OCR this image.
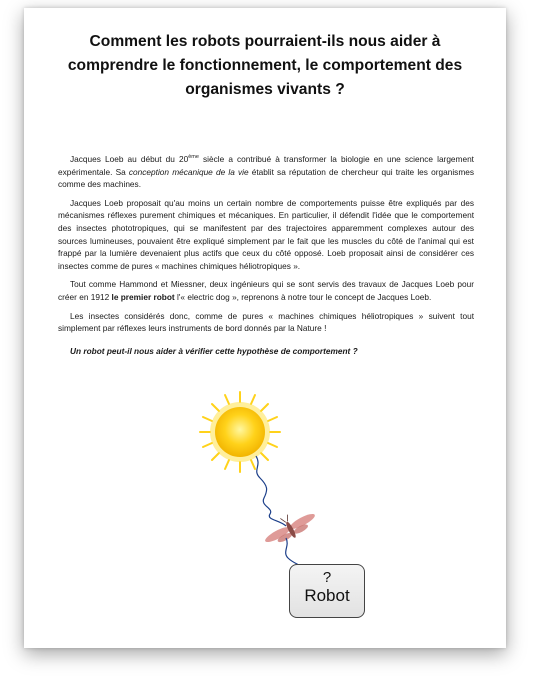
Comment les robots pourraient-ils nous aider à comprendre le fonctionnement, le comportement des organismes vivants ?

Jacques Loeb au début du 20ème siècle a contribué à transformer la biologie en une science largement expérimentale. Sa conception mécanique de la vie établit sa réputation de chercheur qui traite les organismes comme des machines.

Jacques Loeb proposait qu'au moins un certain nombre de comportements puisse être expliqués par des mécanismes réflexes purement chimiques et mécaniques. En particulier, il défendit l'idée que le comportement des insectes phototropiques, qui se manifestent par des trajectoires apparemment complexes autour des sources lumineuses, pouvaient être expliqué simplement par le fait que les muscles du côté de l'animal qui est frappé par la lumière devenaient plus actifs que ceux du côté opposé. Loeb proposait ainsi de considérer ces insectes comme de pures « machines chimiques héliotropiques ».

Tout comme Hammond et Miessner, deux ingénieurs qui se sont servis des travaux de Jacques Loeb pour créer en 1912 le premier robot l'« electric dog », reprenons à notre tour le concept de Jacques Loeb.

Les insectes considérés donc, comme de pures « machines chimiques héliotropiques » suivent tout simplement par réflexes leurs instruments de bord donnés par la Nature !

Un robot peut-il nous aider à vérifier cette hypothèse de comportement ?

?
Robot
